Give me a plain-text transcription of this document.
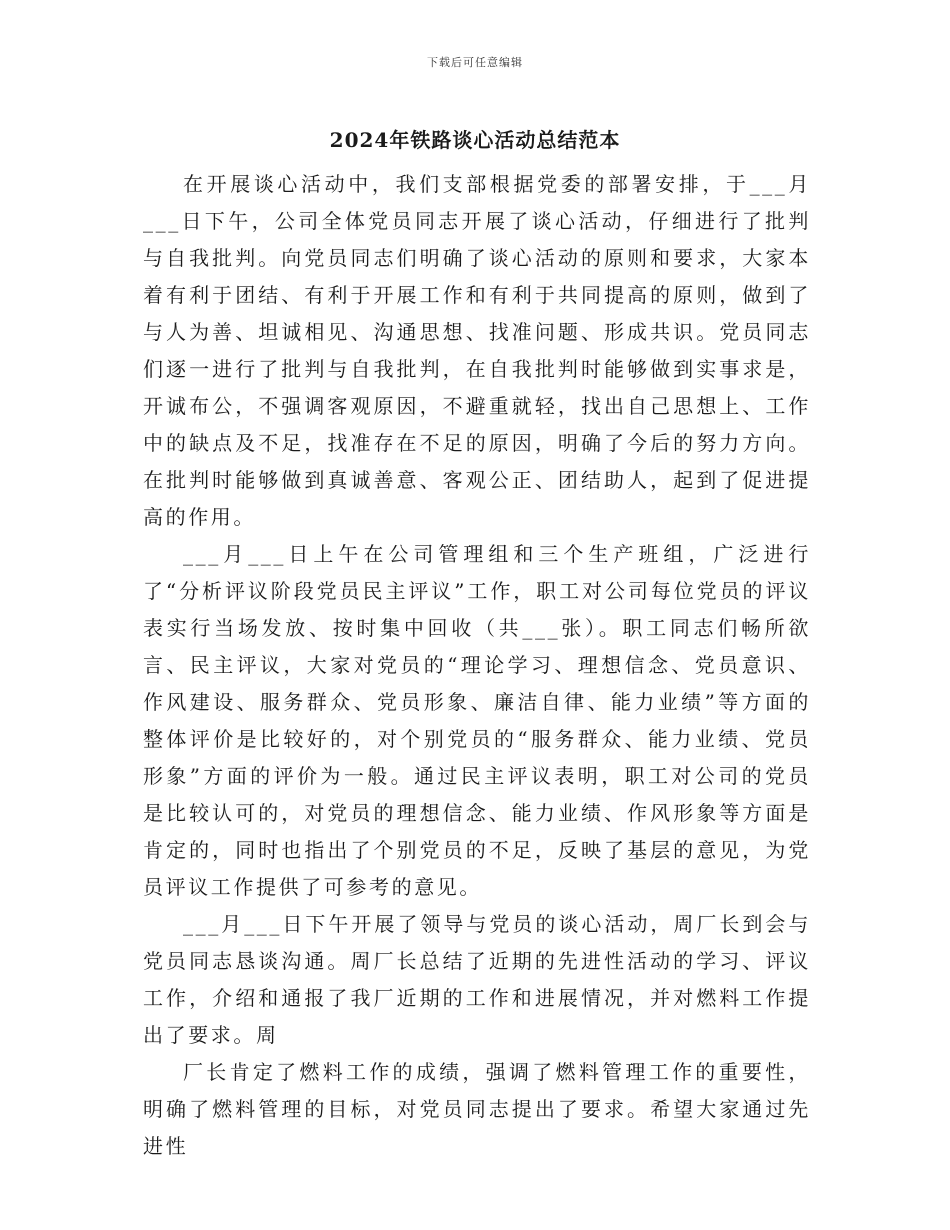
下载后可任意编辑
2024年铁路谈心活动总结范本

在开展谈心活动中，我们支部根据党委的部署安排，于___月___日下午，公司全体党员同志开展了谈心活动，仔细进行了批判与自我批判。向党员同志们明确了谈心活动的原则和要求，大家本着有利于团结、有利于开展工作和有利于共同提高的原则，做到了与人为善、坦诚相见、沟通思想、找准问题、形成共识。党员同志们逐一进行了批判与自我批判，在自我批判时能够做到实事求是，开诚布公，不强调客观原因，不避重就轻，找出自己思想上、工作中的缺点及不足，找准存在不足的原因，明确了今后的努力方向。在批判时能够做到真诚善意、客观公正、团结助人，起到了促进提高的作用。

___月___日上午在公司管理组和三个生产班组，广泛进行了“分析评议阶段党员民主评议”工作，职工对公司每位党员的评议表实行当场发放、按时集中回收（共___张）。职工同志们畅所欲言、民主评议，大家对党员的“理论学习、理想信念、党员意识、作风建设、服务群众、党员形象、廉洁自律、能力业绩”等方面的整体评价是比较好的，对个别党员的“服务群众、能力业绩、党员形象”方面的评价为一般。通过民主评议表明，职工对公司的党员是比较认可的，对党员的理想信念、能力业绩、作风形象等方面是肯定的，同时也指出了个别党员的不足，反映了基层的意见，为党员评议工作提供了可参考的意见。

___月___日下午开展了领导与党员的谈心活动，周厂长到会与党员同志恳谈沟通。周厂长总结了近期的先进性活动的学习、评议工作，介绍和通报了我厂近期的工作和进展情况，并对燃料工作提出了要求。周

厂长肯定了燃料工作的成绩，强调了燃料管理工作的重要性，明确了燃料管理的目标，对党员同志提出了要求。希望大家通过先进性
